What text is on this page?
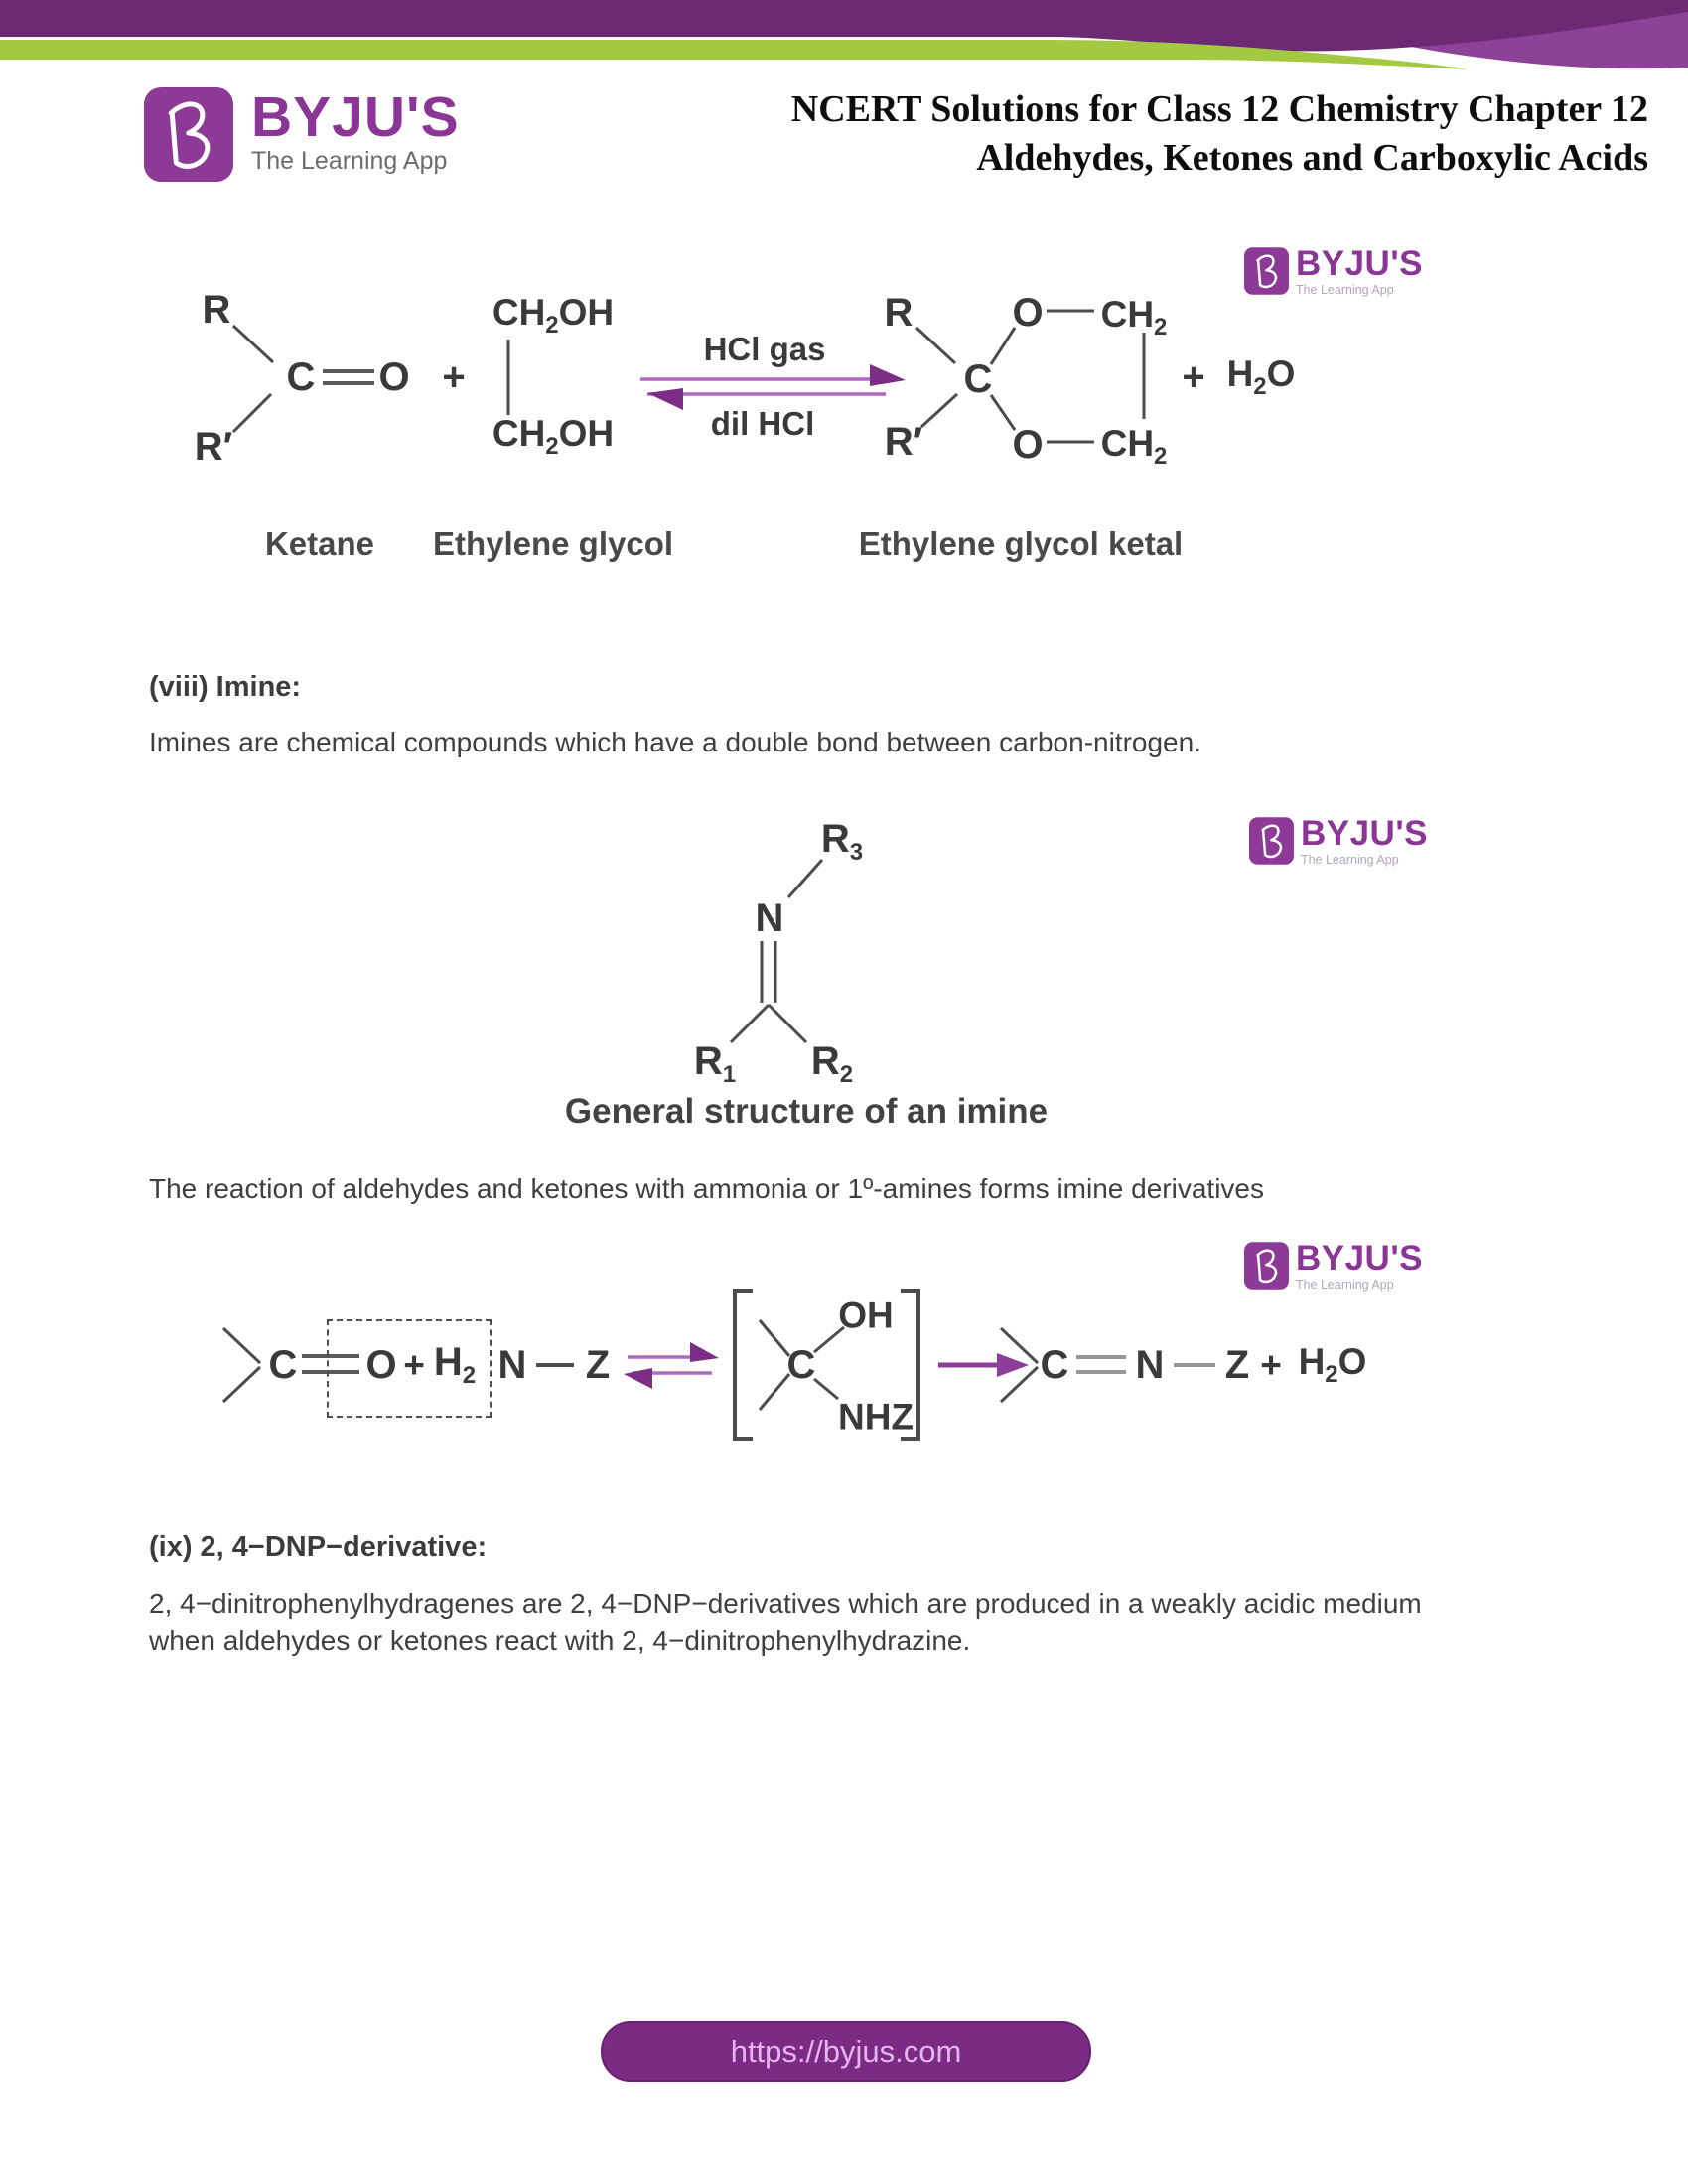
BYJU'S
The Learning App
NCERT Solutions for Class 12 Chemistry Chapter 12
Aldehydes, Ketones and Carboxylic Acids
BYJU'S
The Learning App
R
R′
C O +
$CH_2OH$
$CH_2OH$
HCl gas
dil HCl
R
R′
C
O
O
$CH_2$
$CH_2$
+ $H_2O$
Ketane Ethylene glycol	Ethylene glycol ketal
(viii) Imine:
Imines are chemical compounds which have a double bond between carbon-nitrogen.
BYJU'S
The Learning App
$R_3$
N
$R_1$ $R_2$
General structure of an imine
The reaction of aldehydes and ketones with ammonia or 1º-amines forms imine derivatives
BYJU'S
The Learning App
C $O + H_2$ N Z	C
OH
NHZ
C N $Z + H_2O$
(ix) 2, 4−DNP−derivative:
2, 4−dinitrophenylhydragenes are 2, 4−DNP−derivatives which are produced in a weakly acidic medium
when aldehydes or ketones react with 2, 4−dinitrophenylhydrazine.
https://byjus.com
